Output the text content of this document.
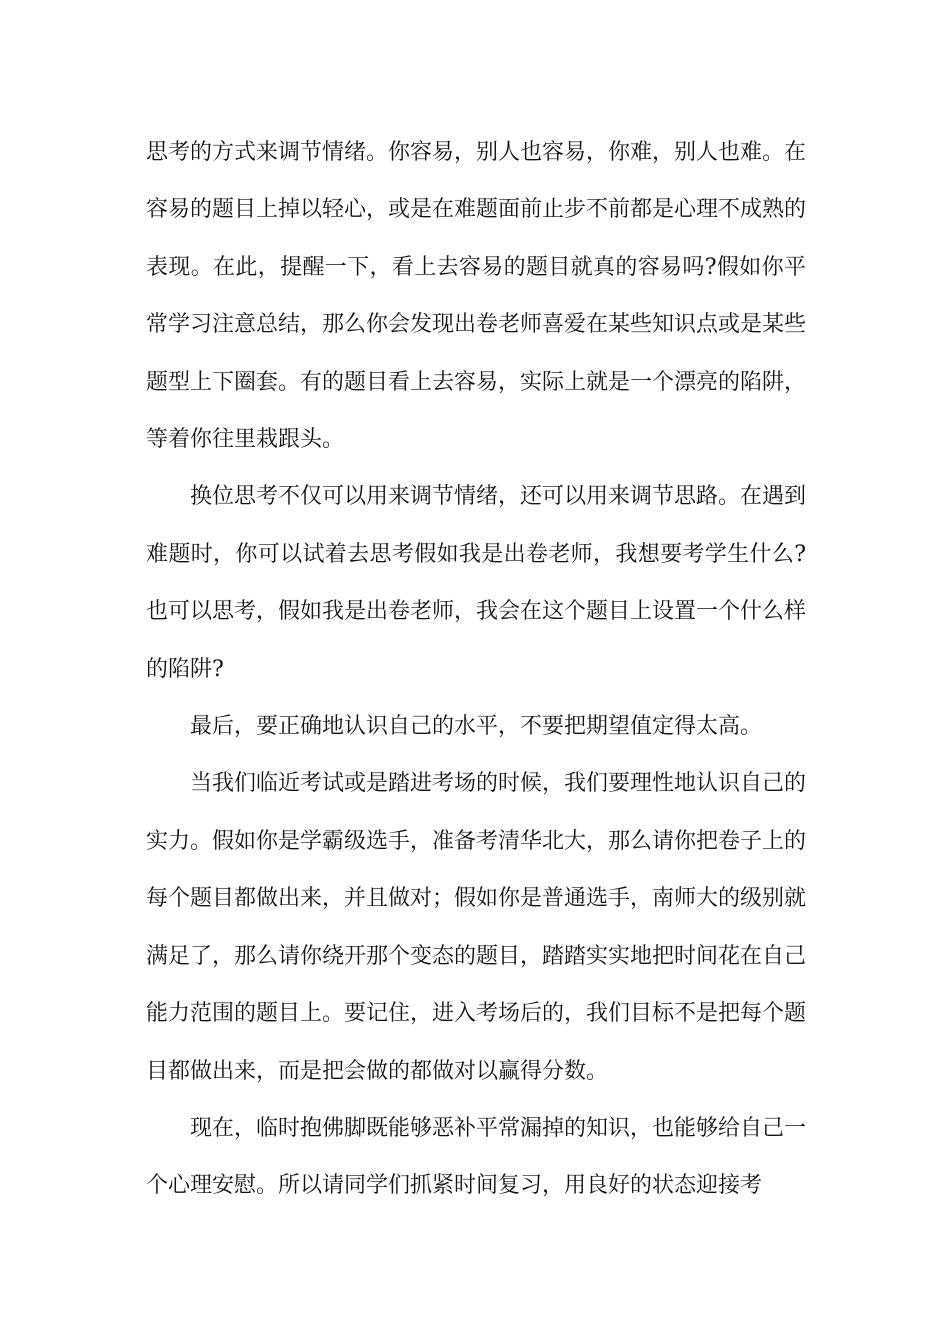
思考的方式来调节情绪。你容易，别人也容易，你难，别人也难。在容易的题目上掉以轻心，或是在难题面前止步不前都是心理不成熟的表现。在此，提醒一下，看上去容易的题目就真的容易吗?假如你平常学习注意总结，那么你会发现出卷老师喜爱在某些知识点或是某些题型上下圈套。有的题目看上去容易，实际上就是一个漂亮的陷阱，等着你往里栽跟头。

换位思考不仅可以用来调节情绪，还可以用来调节思路。在遇到难题时，你可以试着去思考假如我是出卷老师，我想要考学生什么?也可以思考，假如我是出卷老师，我会在这个题目上设置一个什么样的陷阱?

最后，要正确地认识自己的水平，不要把期望值定得太高。

当我们临近考试或是踏进考场的时候，我们要理性地认识自己的实力。假如你是学霸级选手，准备考清华北大，那么请你把卷子上的每个题目都做出来，并且做对；假如你是普通选手，南师大的级别就满足了，那么请你绕开那个变态的题目，踏踏实实地把时间花在自己能力范围的题目上。要记住，进入考场后的，我们目标不是把每个题目都做出来，而是把会做的都做对以赢得分数。

现在，临时抱佛脚既能够恶补平常漏掉的知识，也能够给自己一个心理安慰。所以请同学们抓紧时间复习，用良好的状态迎接考
